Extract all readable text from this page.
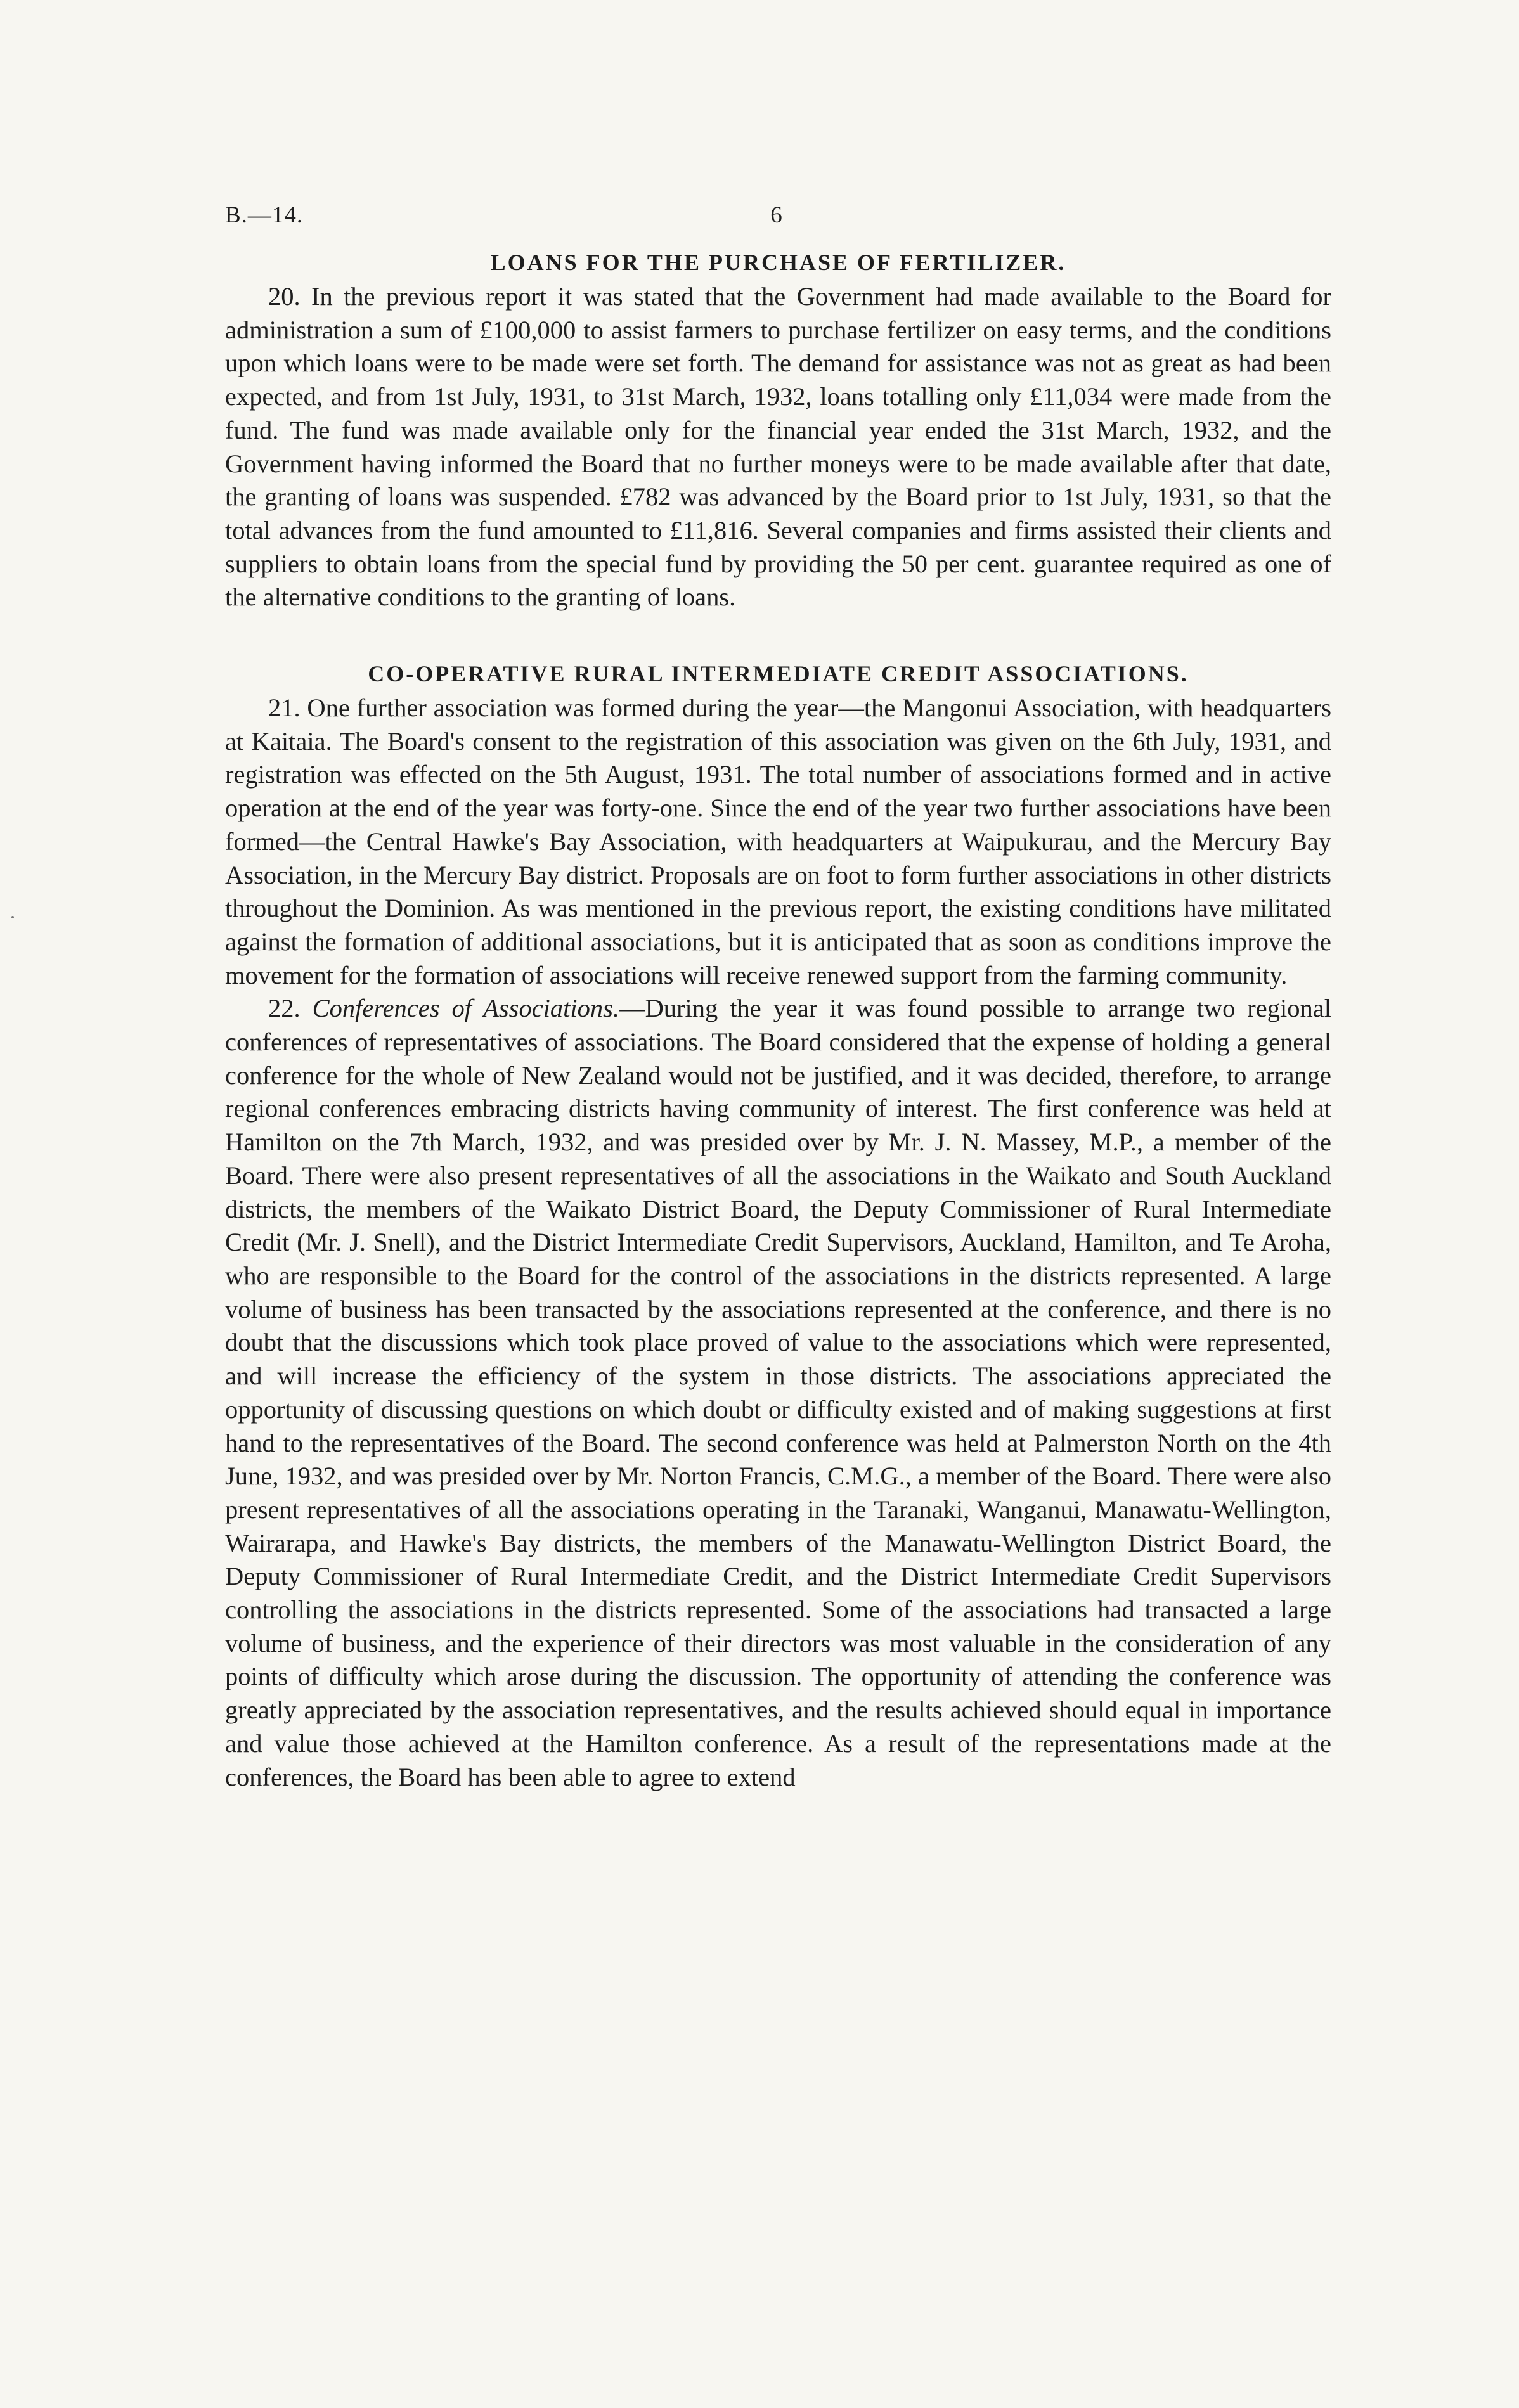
B.—14.	6
LOANS FOR THE PURCHASE OF FERTILIZER.

20. In the previous report it was stated that the Government had made available to the Board for administration a sum of £100,000 to assist farmers to purchase fertilizer on easy terms, and the conditions upon which loans were to be made were set forth. The demand for assistance was not as great as had been expected, and from 1st July, 1931, to 31st March, 1932, loans totalling only £11,034 were made from the fund. The fund was made available only for the financial year ended the 31st March, 1932, and the Government having informed the Board that no further moneys were to be made available after that date, the granting of loans was suspended. £782 was advanced by the Board prior to 1st July, 1931, so that the total advances from the fund amounted to £11,816. Several companies and firms assisted their clients and suppliers to obtain loans from the special fund by providing the 50 per cent. guarantee required as one of the alternative conditions to the granting of loans.

CO-OPERATIVE RURAL INTERMEDIATE CREDIT ASSOCIATIONS.

21. One further association was formed during the year—the Mangonui Association, with headquarters at Kaitaia. The Board's consent to the registration of this association was given on the 6th July, 1931, and registration was effected on the 5th August, 1931. The total number of associations formed and in active operation at the end of the year was forty-one. Since the end of the year two further associations have been formed—the Central Hawke's Bay Association, with headquarters at Waipukurau, and the Mercury Bay Association, in the Mercury Bay district. Proposals are on foot to form further associations in other districts throughout the Dominion. As was mentioned in the previous report, the existing conditions have militated against the formation of additional associations, but it is anticipated that as soon as conditions improve the movement for the formation of associations will receive renewed support from the farming community.

22. Conferences of Associations.—During the year it was found possible to arrange two regional conferences of representatives of associations. The Board considered that the expense of holding a general conference for the whole of New Zealand would not be justified, and it was decided, therefore, to arrange regional conferences embracing districts having community of interest. The first conference was held at Hamilton on the 7th March, 1932, and was presided over by Mr. J. N. Massey, M.P., a member of the Board. There were also present representatives of all the associations in the Waikato and South Auckland districts, the members of the Waikato District Board, the Deputy Commissioner of Rural Intermediate Credit (Mr. J. Snell), and the District Intermediate Credit Supervisors, Auckland, Hamilton, and Te Aroha, who are responsible to the Board for the control of the associations in the districts represented. A large volume of business has been transacted by the associations represented at the conference, and there is no doubt that the discussions which took place proved of value to the associations which were represented, and will increase the efficiency of the system in those districts. The associations appreciated the opportunity of discussing questions on which doubt or difficulty existed and of making suggestions at first hand to the representatives of the Board. The second conference was held at Palmerston North on the 4th June, 1932, and was presided over by Mr. Norton Francis, C.M.G., a member of the Board. There were also present representatives of all the associations operating in the Taranaki, Wanganui, Manawatu-Wellington, Wairarapa, and Hawke's Bay districts, the members of the Manawatu-Wellington District Board, the Deputy Commissioner of Rural Intermediate Credit, and the District Intermediate Credit Supervisors controlling the associations in the districts represented. Some of the associations had transacted a large volume of business, and the experience of their directors was most valuable in the consideration of any points of difficulty which arose during the discussion. The opportunity of attending the conference was greatly appreciated by the association representatives, and the results achieved should equal in importance and value those achieved at the Hamilton conference. As a result of the representations made at the conferences, the Board has been able to agree to extend
